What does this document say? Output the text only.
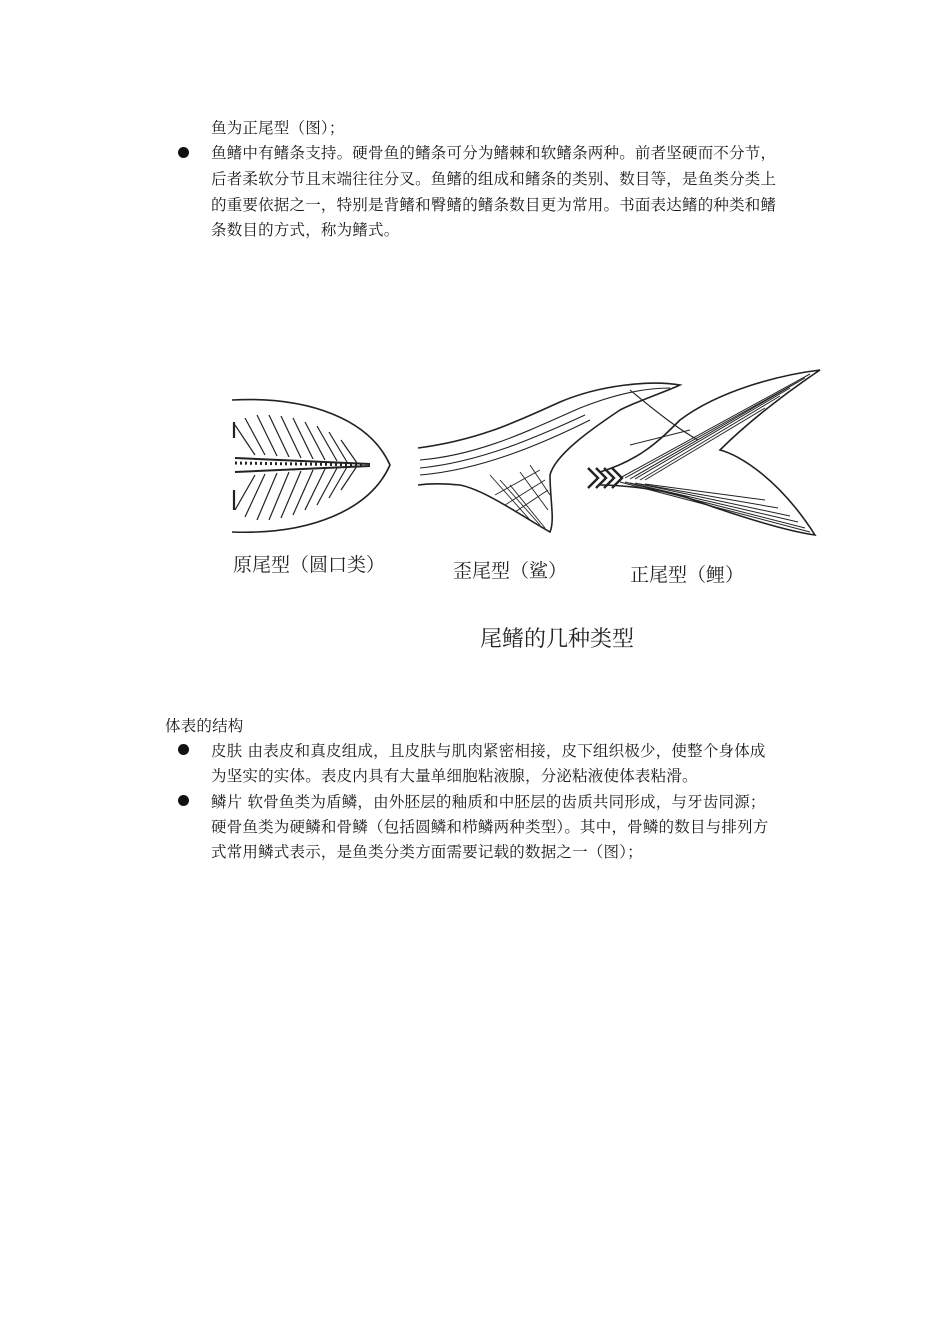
鱼为正尾型（图）；
鱼鳍中有鳍条支持。硬骨鱼的鳍条可分为鳍棘和软鳍条两种。前者坚硬而不分节，
后者柔软分节且末端往往分叉。鱼鳍的组成和鳍条的类别、数目等，是鱼类分类上
的重要依据之一，特别是背鳍和臀鳍的鳍条数目更为常用。书面表达鳍的种类和鳍
条数目的方式，称为鳍式。
原尾型（圆口类）	歪尾型（鲨）	正尾型（鲤）
尾鳍的几种类型
体表的结构
皮肤 由表皮和真皮组成，且皮肤与肌肉紧密相接，皮下组织极少，使整个身体成
为坚实的实体。表皮内具有大量单细胞粘液腺，分泌粘液使体表粘滑。
鳞片 软骨鱼类为盾鳞，由外胚层的釉质和中胚层的齿质共同形成，与牙齿同源；
硬骨鱼类为硬鳞和骨鳞（包括圆鳞和栉鳞两种类型）。其中，骨鳞的数目与排列方
式常用鳞式表示，是鱼类分类方面需要记载的数据之一（图）；
